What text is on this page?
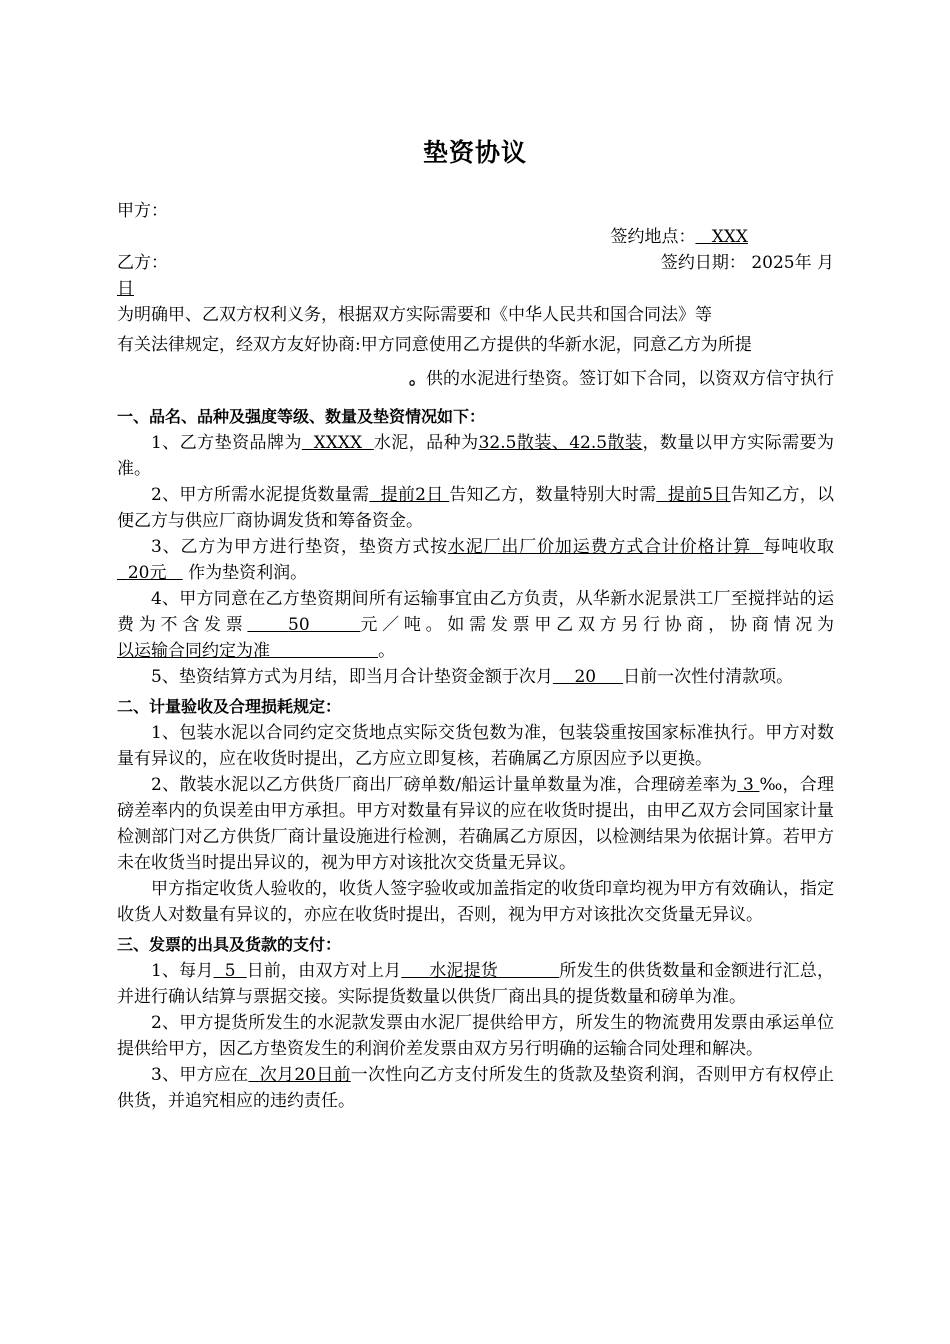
垫资协议

甲方：

签约地点： XXX

乙方：	签约日期： 2025年 月

日

为明确甲、乙双方权利义务，根据双方实际需要和《中华人民共和国合同法》等

有关法律规定，经双方友好协商:甲方同意使用乙方提供的华新水泥，同意乙方为所提

。供的水泥进行垫资。签订如下合同，以资双方信守执行

一、品名、品种及强度等级、数量及垫资情况如下：

1、乙方垫资品牌为 XXXX 水泥，品种为32.5散装、42.5散装，数量以甲方实际需要为准。

2、甲方所需水泥提货数量需 提前2日 告知乙方，数量特别大时需 提前5日告知乙方，以便乙方与供应厂商协调发货和筹备资金。

3、乙方为甲方进行垫资，垫资方式按水泥厂出厂价加运费方式合计价格计算 每吨收取  20元 作为垫资利润。

4、甲方同意在乙方垫资期间所有运输事宜由乙方负责，从华新水泥景洪工厂至搅拌站的运费为不含发票 50	元／吨。如需发票甲乙双方另行协商，协商情况为以运输合同约定为准	。

5、垫资结算方式为月结，即当月合计垫资金额于次月 20 日前一次性付清款项。

二、计量验收及合理损耗规定：

1、包装水泥以合同约定交货地点实际交货包数为准，包装袋重按国家标准执行。甲方对数量有异议的，应在收货时提出，乙方应立即复核，若确属乙方原因应予以更换。

2、散装水泥以乙方供货厂商出厂磅单数/船运计量单数量为准，合理磅差率为 3 ‰，合理磅差率内的负误差由甲方承担。甲方对数量有异议的应在收货时提出，由甲乙双方会同国家计量检测部门对乙方供货厂商计量设施进行检测，若确属乙方原因，以检测结果为依据计算。若甲方未在收货当时提出异议的，视为甲方对该批次交货量无异议。

甲方指定收货人验收的，收货人签字验收或加盖指定的收货印章均视为甲方有效确认，指定收货人对数量有异议的，亦应在收货时提出，否则，视为甲方对该批次交货量无异议。

三、发票的出具及货款的支付：

1、每月 5 日前，由双方对上月 水泥提货	所发生的供货数量和金额进行汇总，并进行确认结算与票据交接。实际提货数量以供货厂商出具的提货数量和磅单为准。

2、甲方提货所发生的水泥款发票由水泥厂提供给甲方，所发生的物流费用发票由承运单位提供给甲方，因乙方垫资发生的利润价差发票由双方另行明确的运输合同处理和解决。

3、甲方应在 次月20日前一次性向乙方支付所发生的货款及垫资利润，否则甲方有权停止供货，并追究相应的违约责任。
